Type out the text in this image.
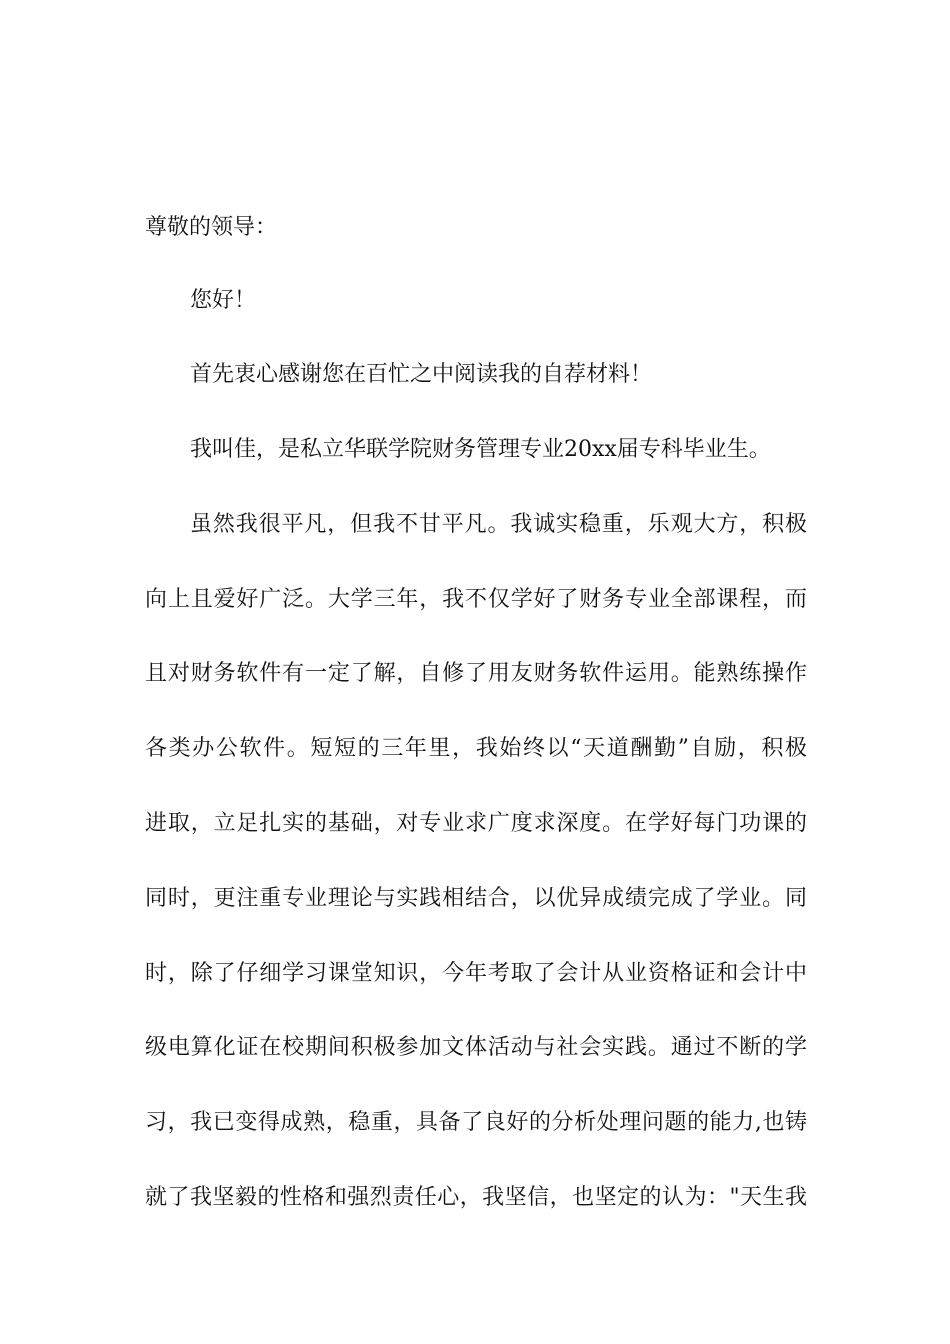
尊敬的领导：
您好！
首先衷心感谢您在百忙之中阅读我的自荐材料！
我叫佳，是私立华联学院财务管理专业20xx届专科毕业生。
虽然我很平凡，但我不甘平凡。我诚实稳重，乐观大方，积极
向上且爱好广泛。大学三年，我不仅学好了财务专业全部课程，而
且对财务软件有一定了解，自修了用友财务软件运用。能熟练操作
各类办公软件。短短的三年里，我始终以“天道酬勤”自励，积极
进取，立足扎实的基础，对专业求广度求深度。在学好每门功课的
同时，更注重专业理论与实践相结合，以优异成绩完成了学业。同
时，除了仔细学习课堂知识，今年考取了会计从业资格证和会计中
级电算化证在校期间积极参加文体活动与社会实践。通过不断的学
习，我已变得成熟，稳重，具备了良好的分析处理问题的能力,也铸
就了我坚毅的性格和强烈责任心，我坚信，也坚定的认为："天生我
